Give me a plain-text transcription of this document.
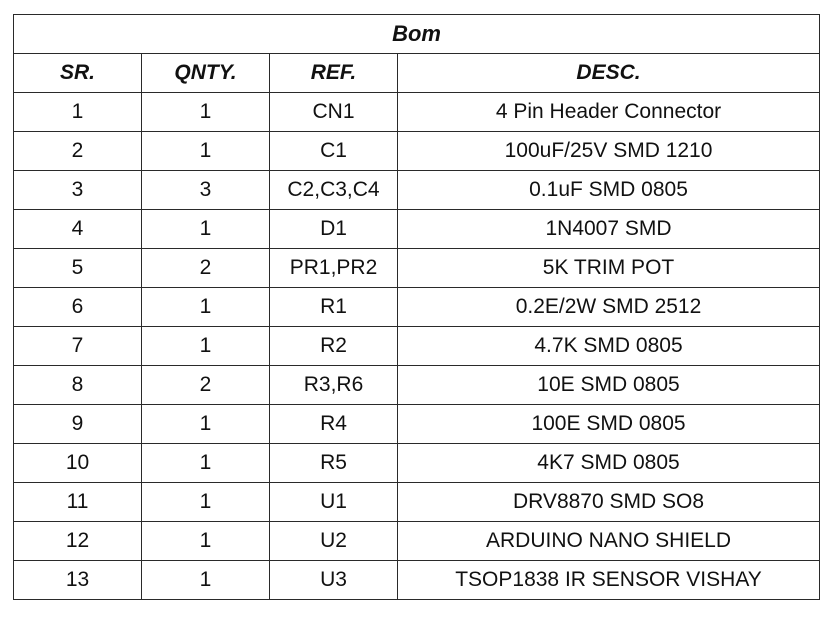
Bom			
SR.	QNTY.	REF.	DESC.
1	1	CN1	4 Pin Header Connector
2	1	C1	100uF/25V SMD 1210
3	3	C2,C3,C4	0.1uF SMD 0805
4	1	D1	1N4007 SMD
5	2	PR1,PR2	5K TRIM POT
6	1	R1	0.2E/2W SMD 2512
7	1	R2	4.7K SMD 0805
8	2	R3,R6	10E SMD 0805
9	1	R4	100E SMD 0805
10	1	R5	4K7 SMD 0805
11	1	U1	DRV8870 SMD SO8
12	1	U2	ARDUINO NANO SHIELD
13	1	U3	TSOP1838 IR SENSOR VISHAY
